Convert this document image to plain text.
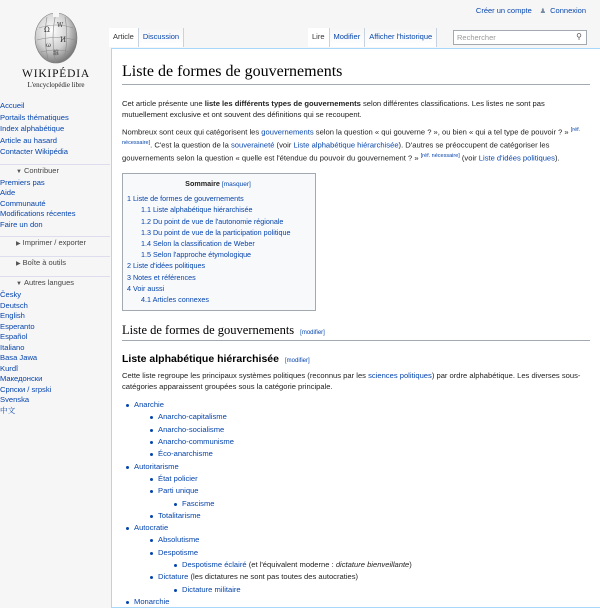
Créer un compte ♟ Connexion
Ω
W
И
ω
維
WIKIPÉDIA
L'encyclopédie libre
Article	Discussion	Lire	Modifier	Afficher l'historique	Rechercher	⚲
Accueil
Portails thématiques
Index alphabétique
Article au hasard
Contacter Wikipédia
▼ Contribuer
Premiers pas
Aide
Communauté
Modifications récentes
Faire un don
▶ Imprimer / exporter
▶ Boîte à outils
▼ Autres langues
Česky
Deutsch
English
Esperanto
Español
Italiano
Basa Jawa
Kurdî
Македонски
Српски / srpski
Svenska
中文
Liste de formes de gouvernements

Cet article présente une liste les différents types de gouvernements selon différentes classifications. Les listes ne sont pas mutuellement exclusive et ont souvent des définitions qui se recoupent.

Nombreux sont ceux qui catégorisent les gouvernements selon la question « qui gouverne ? », ou bien « qui a tel type de pouvoir ? » [réf. nécessaire]. C'est la question de la souveraineté (voir Liste alphabétique hiérarchisée). D'autres se préoccupent de catégoriser les gouvernements selon la question « quelle est l'étendue du pouvoir du gouvernement ? » [réf. nécessaire] (voir Liste d'idées politiques).

Sommaire [masquer]
1 Liste de formes de gouvernements
1.1 Liste alphabétique hiérarchisée
1.2 Du point de vue de l'autonomie régionale
1.3 Du point de vue de la participation politique
1.4 Selon la classification de Weber
1.5 Selon l'approche étymologique
2 Liste d'idées politiques
3 Notes et références
4 Voir aussi
4.1 Articles connexes
Liste de formes de gouvernements [modifier]
Liste alphabétique hiérarchisée [modifier]

Cette liste regroupe les principaux systèmes politiques (reconnus par les sciences politiques) par ordre alphabétique. Les diverses sous-catégories apparaissent groupées sous la catégorie principale.

Anarchie
Anarcho-capitalisme
Anarcho-socialisme
Anarcho-communisme
Éco-anarchisme
Autoritarisme
État policier
Parti unique
Fascisme
Totalitarisme
Autocratie
Absolutisme
Despotisme
Despotisme éclairé (et l'équivalent moderne : dictature bienveillante)
Dictature (les dictatures ne sont pas toutes des autocraties)
Dictature militaire
Monarchie
